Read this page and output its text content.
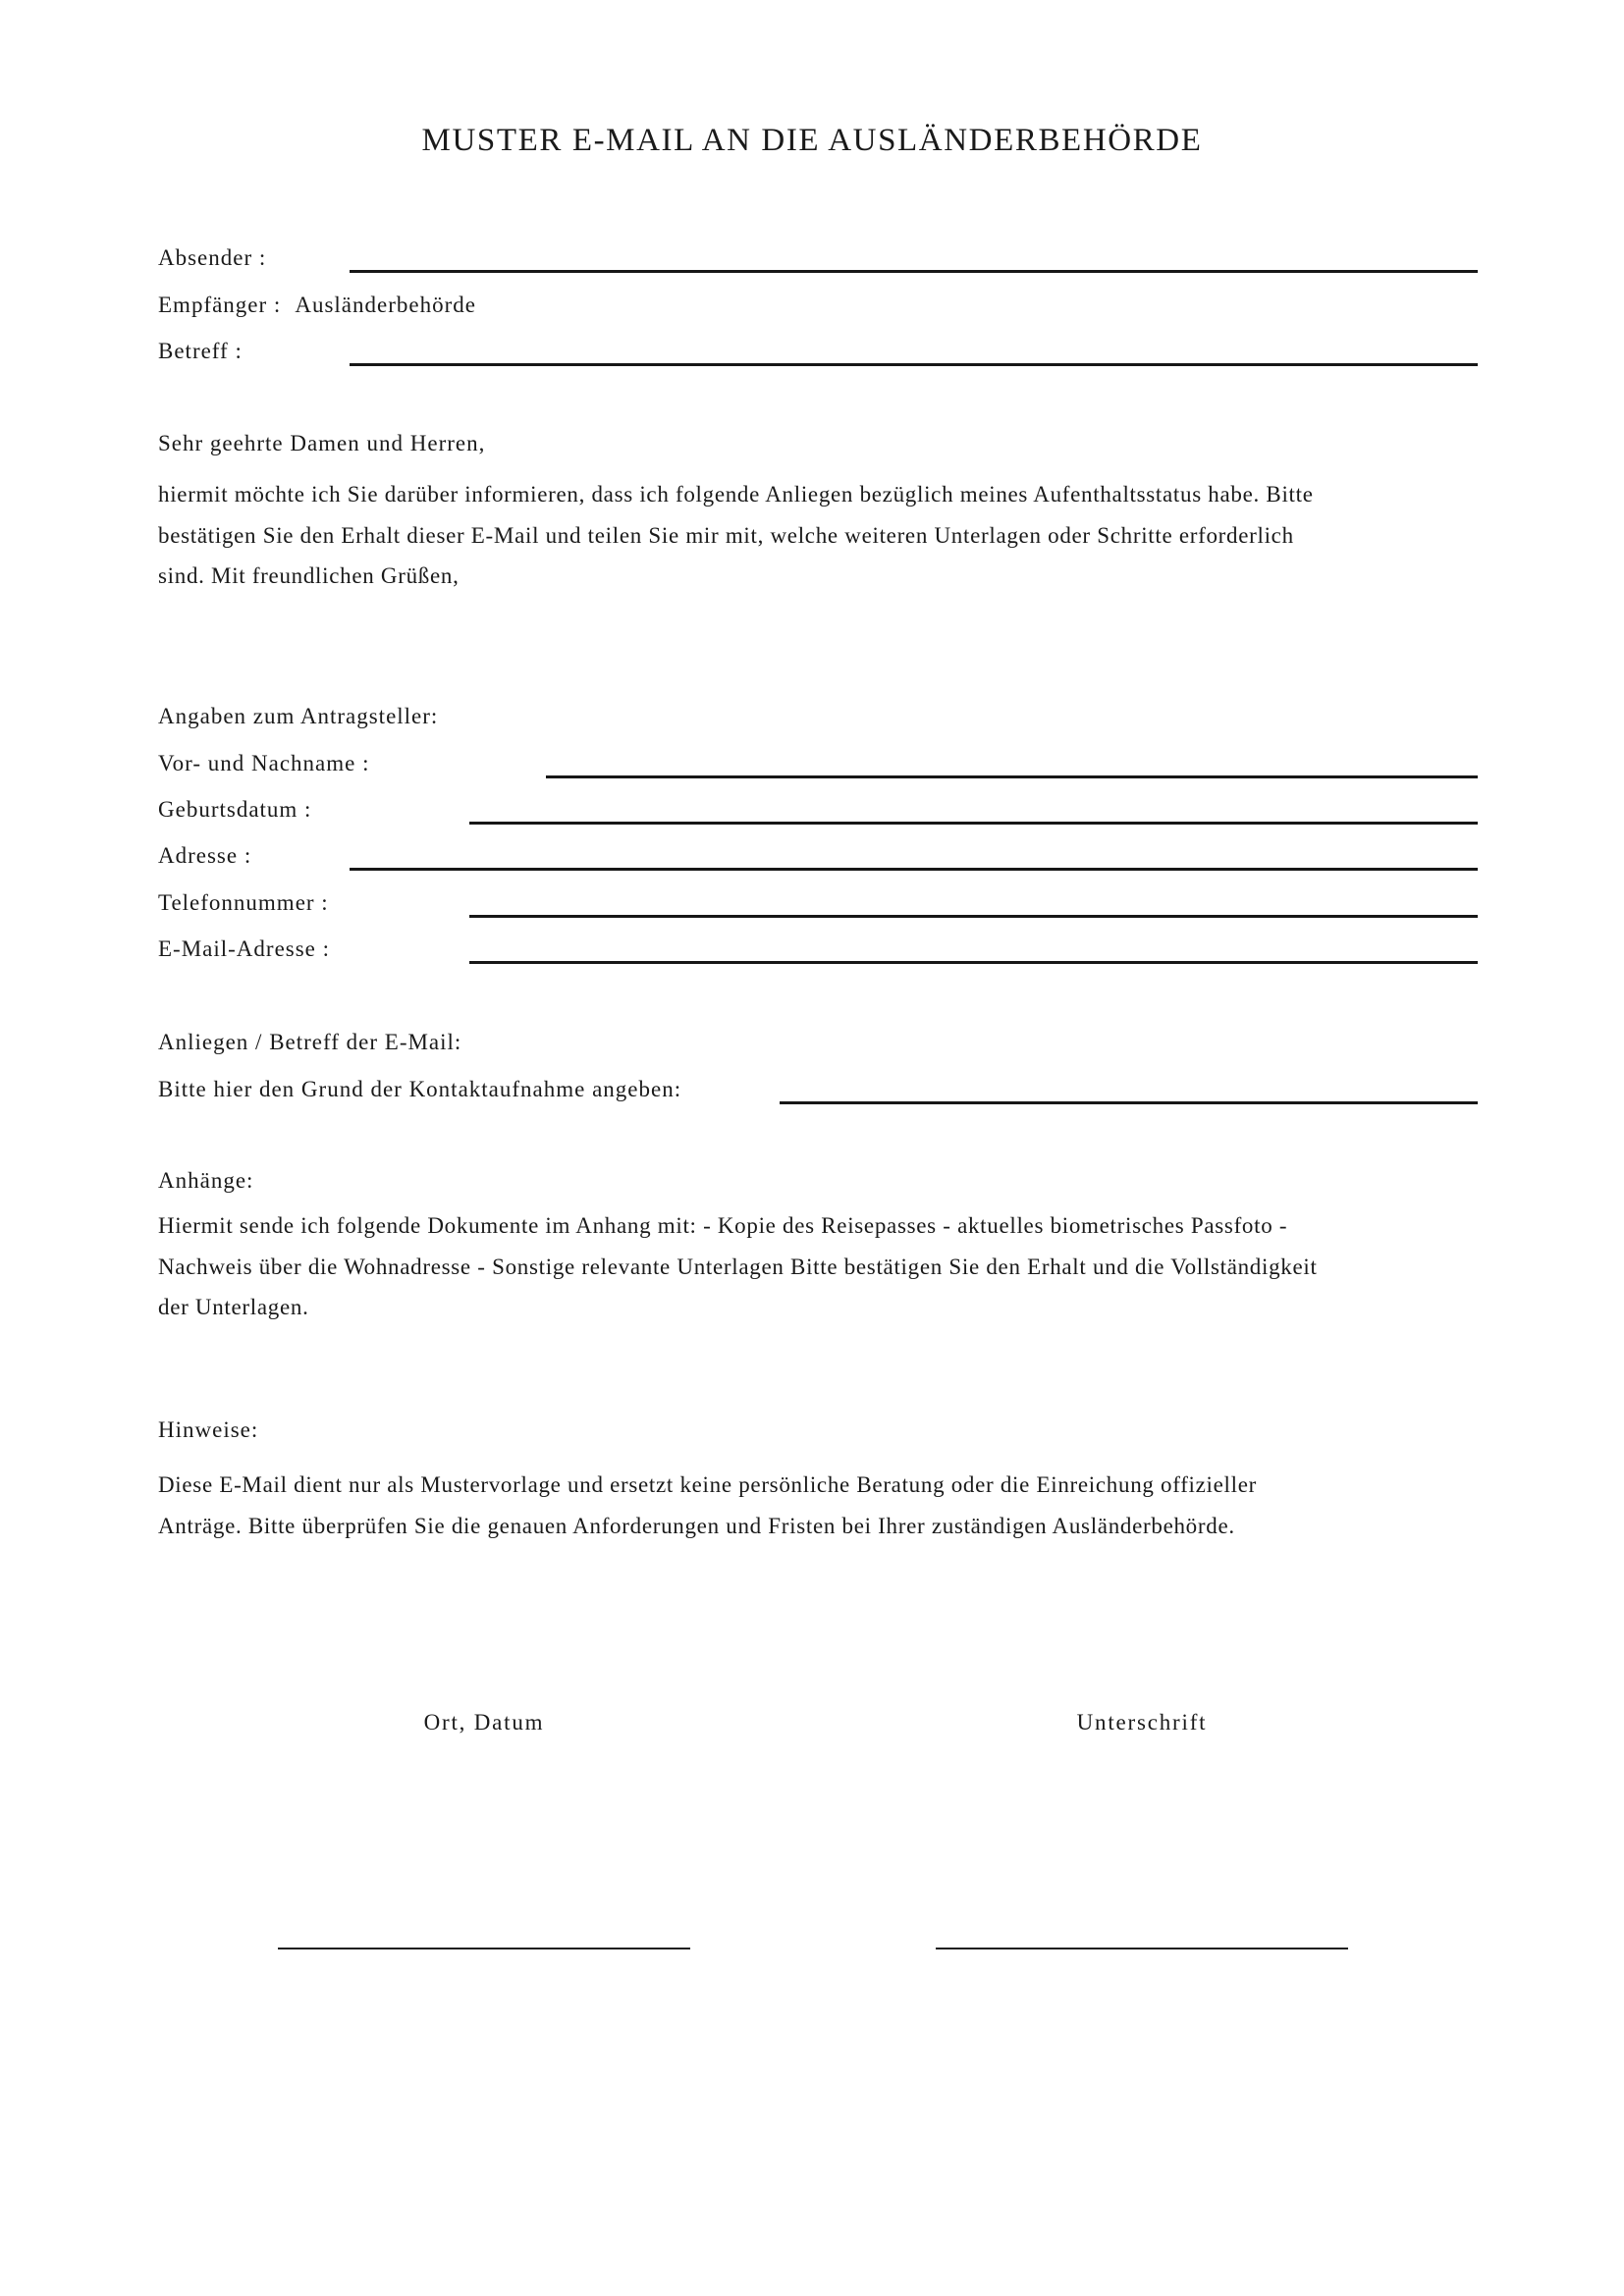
MUSTER E-MAIL AN DIE AUSLÄNDERBEHÖRDE
Absender :
Empfänger : Ausländerbehörde
Betreff :
Sehr geehrte Damen und Herren,
hiermit möchte ich Sie darüber informieren, dass ich folgende Anliegen bezüglich meines Aufenthaltsstatus habe. Bitte
bestätigen Sie den Erhalt dieser E-Mail und teilen Sie mir mit, welche weiteren Unterlagen oder Schritte erforderlich
sind. Mit freundlichen Grüßen,
Angaben zum Antragsteller:
Vor- und Nachname :
Geburtsdatum :
Adresse :
Telefonnummer :
E-Mail-Adresse :
Anliegen / Betreff der E-Mail:
Bitte hier den Grund der Kontaktaufnahme angeben:
Anhänge:
Hiermit sende ich folgende Dokumente im Anhang mit: - Kopie des Reisepasses - aktuelles biometrisches Passfoto -
Nachweis über die Wohnadresse - Sonstige relevante Unterlagen Bitte bestätigen Sie den Erhalt und die Vollständigkeit
der Unterlagen.
Hinweise:
Diese E-Mail dient nur als Mustervorlage und ersetzt keine persönliche Beratung oder die Einreichung offizieller
Anträge. Bitte überprüfen Sie die genauen Anforderungen und Fristen bei Ihrer zuständigen Ausländerbehörde.
Ort, Datum	Unterschrift
